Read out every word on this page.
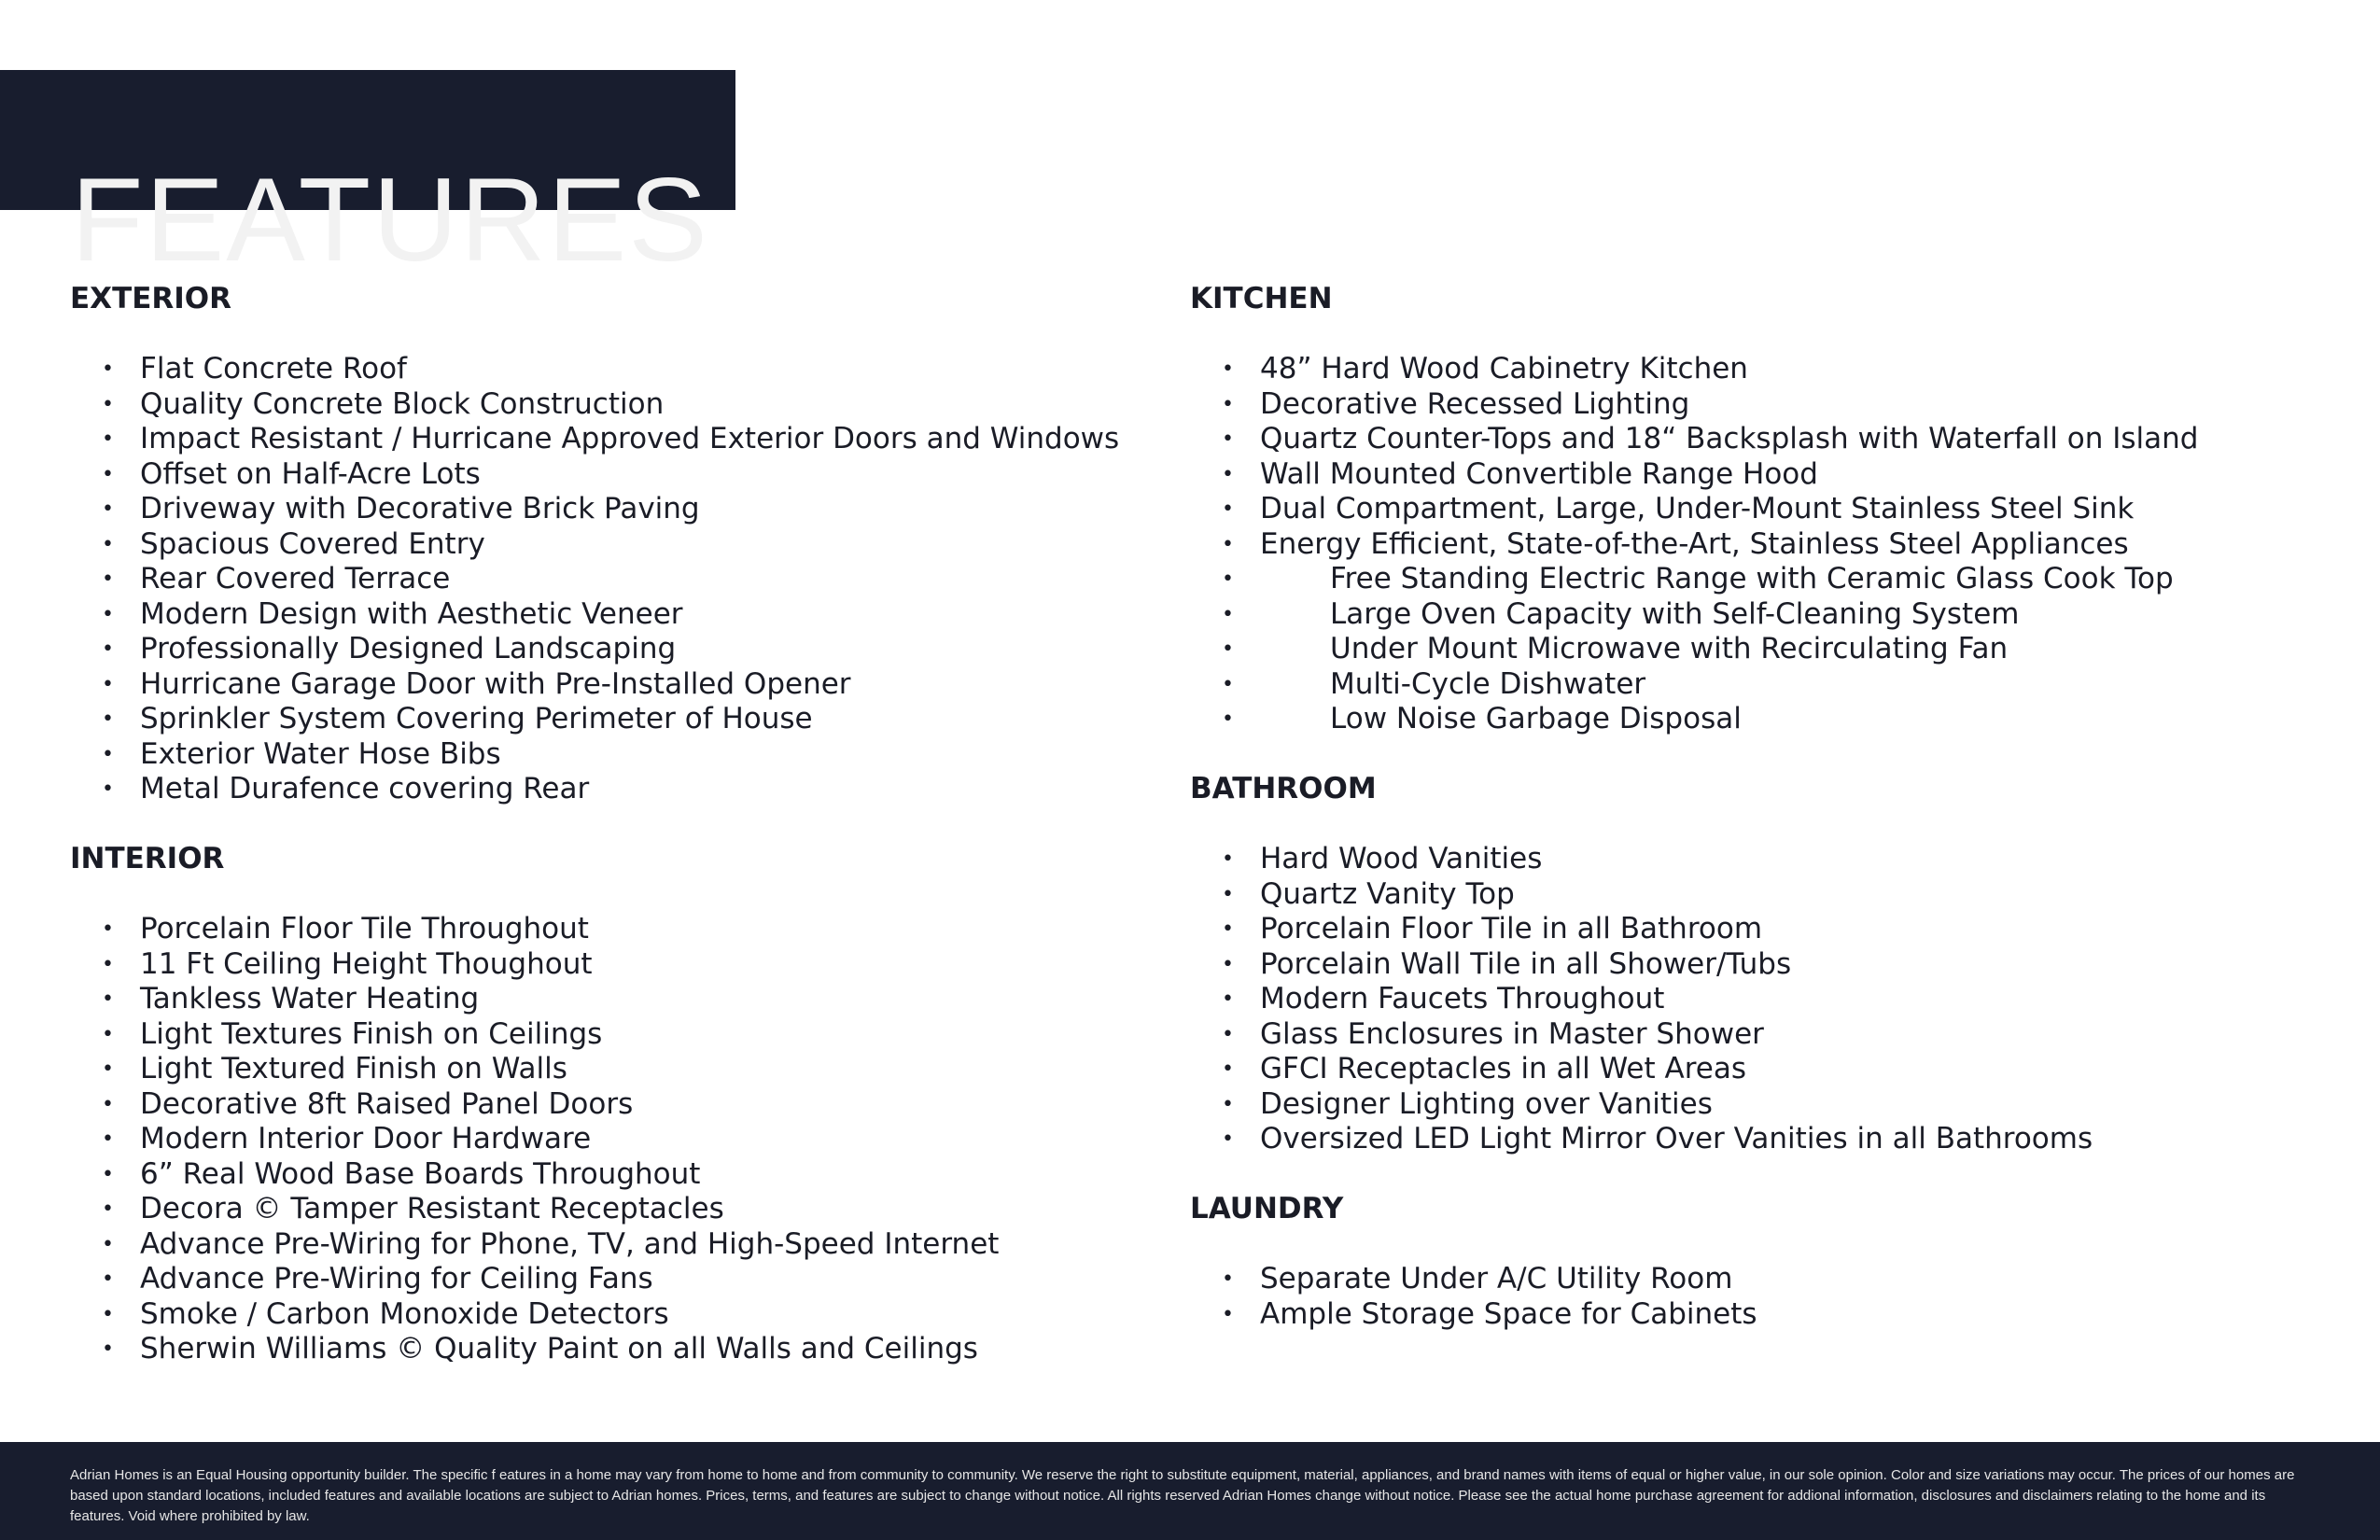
FEATURES
EXTERIOR
• Flat Concrete Roof
• Quality Concrete Block Construction
• Impact Resistant / Hurricane Approved Exterior Doors and Windows
• Offset on Half-Acre Lots
• Driveway with Decorative Brick Paving
• Spacious Covered Entry
• Rear Covered Terrace
• Modern Design with Aesthetic Veneer
• Professionally Designed Landscaping
• Hurricane Garage Door with Pre-Installed Opener
• Sprinkler System Covering Perimeter of House
• Exterior Water Hose Bibs
• Metal Durafence covering Rear
INTERIOR
• Porcelain Floor Tile Throughout
• 11 Ft Ceiling Height Thoughout
• Tankless Water Heating
• Light Textures Finish on Ceilings
• Light Textured Finish on Walls
• Decorative 8ft Raised Panel Doors
• Modern Interior Door Hardware
• 6” Real Wood Base Boards Throughout
• Decora © Tamper Resistant Receptacles
• Advance Pre-Wiring for Phone, TV, and High-Speed Internet
• Advance Pre-Wiring for Ceiling Fans
• Smoke / Carbon Monoxide Detectors
• Sherwin Williams © Quality Paint on all Walls and Ceilings
KITCHEN
• 48” Hard Wood Cabinetry Kitchen
• Decorative Recessed Lighting
• Quartz Counter-Tops and 18“ Backsplash with Waterfall on Island
• Wall Mounted Convertible Range Hood
• Dual Compartment, Large, Under-Mount Stainless Steel Sink
• Energy Efficient, State-of-the-Art, Stainless Steel Appliances
•	Free Standing Electric Range with Ceramic Glass Cook Top
•	Large Oven Capacity with Self-Cleaning System
•	Under Mount Microwave with Recirculating Fan
•	Multi-Cycle Dishwater
•	Low Noise Garbage Disposal
BATHROOM
• Hard Wood Vanities
• Quartz Vanity Top
• Porcelain Floor Tile in all Bathroom
• Porcelain Wall Tile in all Shower/Tubs
• Modern Faucets Throughout
• Glass Enclosures in Master Shower
• GFCI Receptacles in all Wet Areas
• Designer Lighting over Vanities
• Oversized LED Light Mirror Over Vanities in all Bathrooms
LAUNDRY
• Separate Under A/C Utility Room
• Ample Storage Space for Cabinets

Adrian Homes is an Equal Housing opportunity builder. The specific f eatures in a home may vary from home to home and from community to community. We reserve the right to substitute equipment, material, appliances, and brand names with items of equal or higher value, in our sole opinion. Color and size variations may occur. The prices of our homes are based upon standard locations, included features and available locations are subject to Adrian homes. Prices, terms, and features are subject to change without notice. All rights reserved Adrian Homes change without notice. Please see the actual home purchase agreement for addional information, disclosures and disclaimers relating to the home and its features. Void where prohibited by law.
